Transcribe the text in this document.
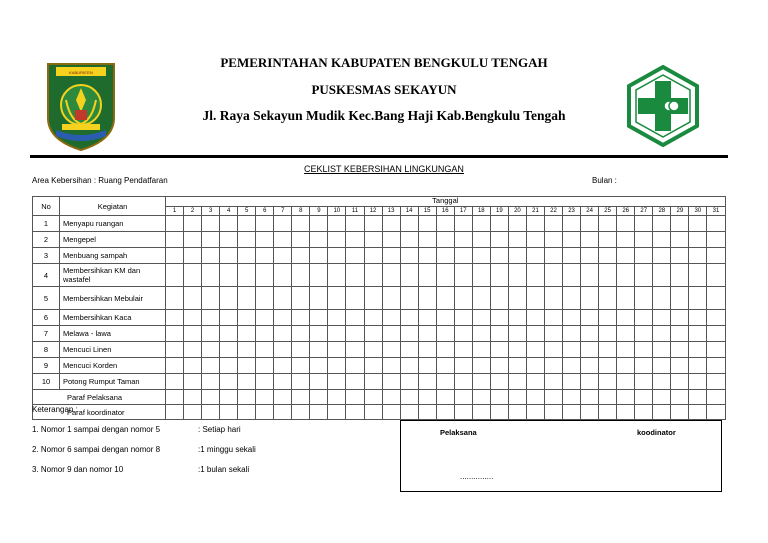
KABUPATEN
PEMERINTAHAN KABUPATEN BENGKULU TENGAH
PUSKESMAS SEKAYUN
Jl. Raya Sekayun Mudik Kec.Bang Haji Kab.Bengkulu Tengah
CEKLIST KEBERSIHAN LINGKUNGAN
Area Kebersihan : Ruang Pendatfaran	Bulan :
No	Kegiatan	Tanggal																														
		1	2	3	4	5	6	7	8	9	10	11	12	13	14	15	16	17	18	19	20	21	22	23	24	25	26	27	28	29	30	31
1	Menyapu ruangan																															
2	Mengepel																															
3	Menbuang sampah																															
4	Membersihkan KM dan wastafel																															
5	Membersihkan Mebulair																															
6	Membersihkan Kaca																															
7	Melawa - lawa																															
8	Mencuci Linen																															
9	Mencuci Korden																															
10	Potong Rumput Taman																															
Paraf Pelaksana																																
Paraf koordinator																																
Keterangan :
1. Nomor 1 sampai dengan nomor 5	: Setiap hari
2. Nomor 6 sampai dengan nomor 8	:1 minggu sekali
3. Nomor 9 dan nomor 10	:1 bulan sekali
Pelaksana	koodinator
...............
